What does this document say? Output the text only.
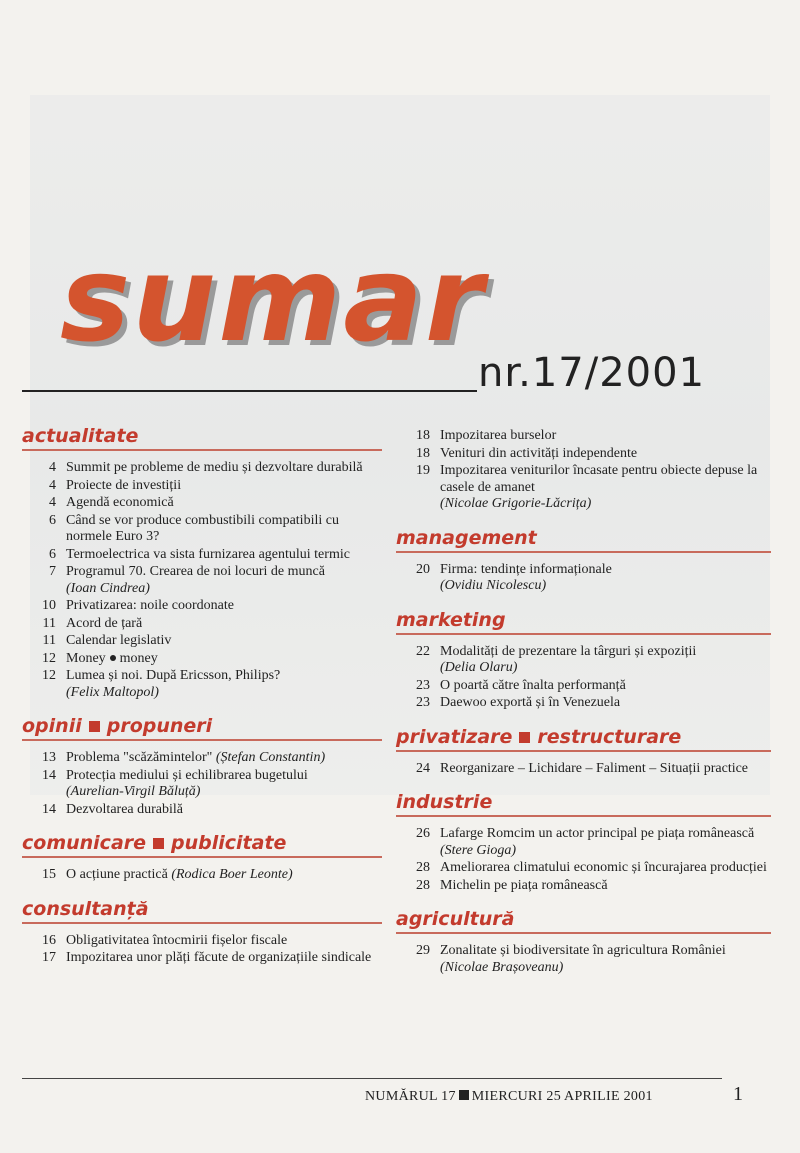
sumar
nr.17/2001
actualitate
4 Summit pe probleme de mediu și dezvoltare durabilă
4 Proiecte de investiții
4 Agendă economică
6 Când se vor produce combustibili compatibili cu normele Euro 3?
6 Termoelectrica va sista furnizarea agentului termic
7 Programul 70. Crearea de noi locuri de muncă
(Ioan Cindrea)
10 Privatizarea: noile coordonate
11 Acord de țară
11 Calendar legislativ
12 Money money
12 Lumea și noi. După Ericsson, Philips?
(Felix Maltopol)
opinii propuneri
13 Problema "scăzămintelor" (Ștefan Constantin)
14 Protecția mediului și echilibrarea bugetului
(Aurelian-Virgil Băluță)
14 Dezvoltarea durabilă
comunicare publicitate
15 O acțiune practică (Rodica Boer Leonte)
consultanță
16 Obligativitatea întocmirii fișelor fiscale
17 Impozitarea unor plăți făcute de organizațiile sindicale
18 Impozitarea burselor
18 Venituri din activități independente
19 Impozitarea veniturilor încasate pentru obiecte depuse la casele de amanet
(Nicolae Grigorie-Lăcrița)
management
20 Firma: tendințe informaționale
(Ovidiu Nicolescu)
marketing
22 Modalități de prezentare la târguri și expoziții
(Delia Olaru)
23 O poartă către înalta performanță
23 Daewoo exportă și în Venezuela
privatizare restructurare
24 Reorganizare – Lichidare – Faliment – Situații practice
industrie
26 Lafarge Romcim un actor principal pe piața românească (Stere Gioga)
28 Ameliorarea climatului economic și încurajarea producției
28 Michelin pe piața românească
agricultură
29 Zonalitate și biodiversitate în agricultura României (Nicolae Brașoveanu)
NUMĂRUL 17 MIERCURI 25 APRILIE 2001	1
